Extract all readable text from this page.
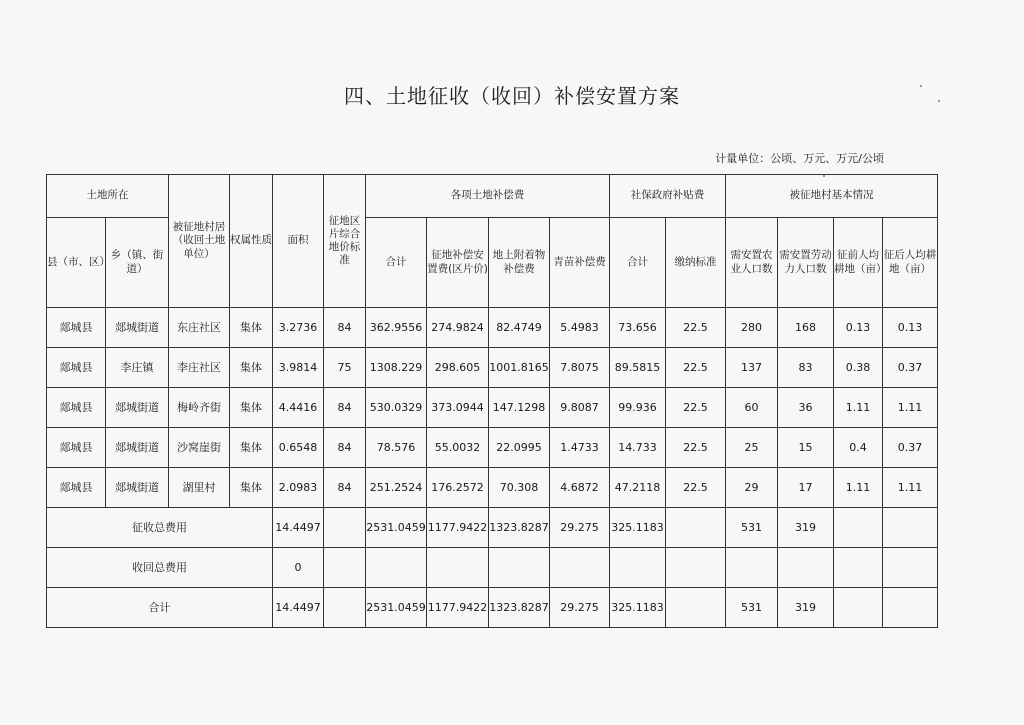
四、土地征收（收回）补偿安置方案
计量单位：公顷、万元、万元/公顷
土地所在		被征地村居（收回土地单位）	权属性质	面积	征地区片综合地价标准	各项土地补偿费				社保政府补贴费		被征地村基本情况			
县（市、区）	乡（镇、街道）					合计	征地补偿安置费(区片价)	地上附着物补偿费	青苗补偿费	合计	缴纳标准	需安置农业人口数	需安置劳动力人口数	征前人均耕地（亩）	征后人均耕地（亩）
郯城县	郯城街道	东庄社区	集体	3.2736	84	362.9556	274.9824	82.4749	5.4983	73.656	22.5	280	168	0.13	0.13
郯城县	李庄镇	李庄社区	集体	3.9814	75	1308.229	298.605	1001.8165	7.8075	89.5815	22.5	137	83	0.38	0.37
郯城县	郯城街道	梅岭齐街	集体	4.4416	84	530.0329	373.0944	147.1298	9.8087	99.936	22.5	60	36	1.11	1.11
郯城县	郯城街道	沙窝崖街	集体	0.6548	84	78.576	55.0032	22.0995	1.4733	14.733	22.5	25	15	0.4	0.37
郯城县	郯城街道	湖里村	集体	2.0983	84	251.2524	176.2572	70.308	4.6872	47.2118	22.5	29	17	1.11	1.11
征收总费用				14.4497		2531.0459	1177.9422	1323.8287	29.275	325.1183		531	319		
收回总费用				0											
合计				14.4497		2531.0459	1177.9422	1323.8287	29.275	325.1183		531	319		
